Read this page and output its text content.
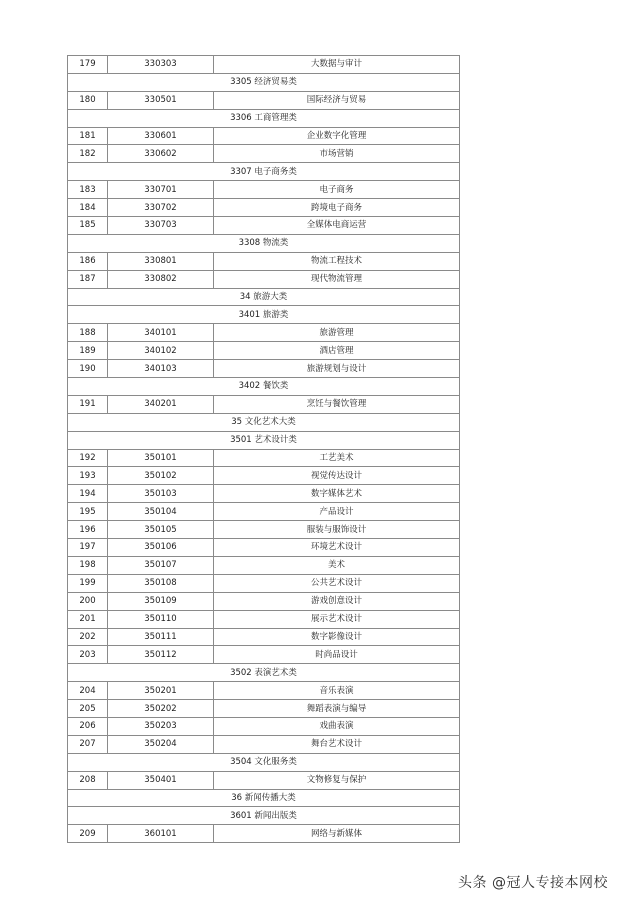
179	330303	大数据与审计
3305 经济贸易类		
180	330501	国际经济与贸易
3306 工商管理类		
181	330601	企业数字化管理
182	330602	市场营销
3307 电子商务类		
183	330701	电子商务
184	330702	跨境电子商务
185	330703	全媒体电商运营
3308 物流类		
186	330801	物流工程技术
187	330802	现代物流管理
34 旅游大类		
3401 旅游类		
188	340101	旅游管理
189	340102	酒店管理
190	340103	旅游规划与设计
3402 餐饮类		
191	340201	烹饪与餐饮管理
35 文化艺术大类		
3501 艺术设计类		
192	350101	工艺美术
193	350102	视觉传达设计
194	350103	数字媒体艺术
195	350104	产品设计
196	350105	服装与服饰设计
197	350106	环境艺术设计
198	350107	美术
199	350108	公共艺术设计
200	350109	游戏创意设计
201	350110	展示艺术设计
202	350111	数字影像设计
203	350112	时尚品设计
3502 表演艺术类		
204	350201	音乐表演
205	350202	舞蹈表演与编导
206	350203	戏曲表演
207	350204	舞台艺术设计
3504 文化服务类		
208	350401	文物修复与保护
36 新闻传播大类		
3601 新闻出版类		
209	360101	网络与新媒体
头条 @冠人专接本网校
